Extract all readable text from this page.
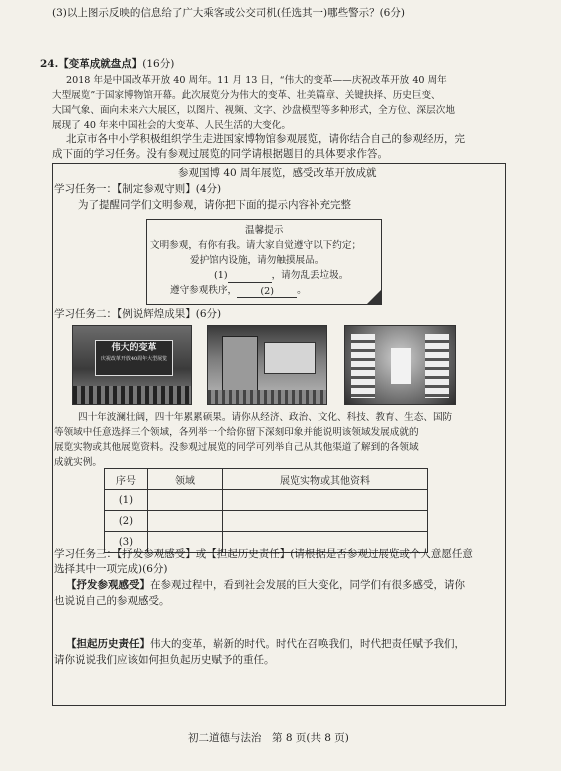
(3)以上图示反映的信息给了广大乘客或公交司机(任选其一)哪些警示？(6分)
24.【变革成就盘点】(16分)
2018 年是中国改革开放 40 周年。11 月 13 日，“伟大的变革——庆祝改革开放 40 周年
大型展览”于国家博物馆开幕。此次展览分为伟大的变革、壮美篇章、关键抉择、历史巨变、
大国气象、面向未来六大展区，以图片、视频、文字、沙盘模型等多种形式，全方位、深层次地
展现了 40 年来中国社会的大变革、人民生活的大变化。
北京市各中小学积极组织学生走进国家博物馆参观展览，请你结合自己的参观经历，完
成下面的学习任务。没有参观过展览的同学请根据题目的具体要求作答。
参观国博 40 周年展览，感受改革开放成就
学习任务一：【制定参观守则】(4分)
为了提醒同学们文明参观，请你把下面的提示内容补充完整
温馨提示
文明参观，有你有我。请大家自觉遵守以下约定；
爱护馆内设施，请勿触摸展品。
(1)	，请勿乱丢垃圾。
遵守参观秩序， (2) 。
学习任务二：【例说辉煌成果】(6分)
伟大的变革
庆祝改革开放40周年大型展览
四十年波澜壮阔，四十年累累硕果。请你从经济、政治、文化、科技、教育、生态、国防
等领域中任意选择三个领域，各列举一个给你留下深刻印象并能说明该领域发展成就的
展览实物或其他展览资料。没参观过展览的同学可列举自己从其他渠道了解到的各领域
成就实例。
序号	领域	展览实物或其他资料
(1)		
(2)		
(3)		
学习任务三：【抒发参观感受】或【担起历史责任】(请根据是否参观过展览或个人意愿任意
选择其中一项完成)(6分)
【抒发参观感受】在参观过程中，看到社会发展的巨大变化，同学们有很多感受，请你
也说说自己的参观感受。
【担起历史责任】伟大的变革，崭新的时代。时代在召唤我们，时代把责任赋予我们，
请你说说我们应该如何担负起历史赋予的重任。
初二道德与法治　第 8 页(共 8 页)
